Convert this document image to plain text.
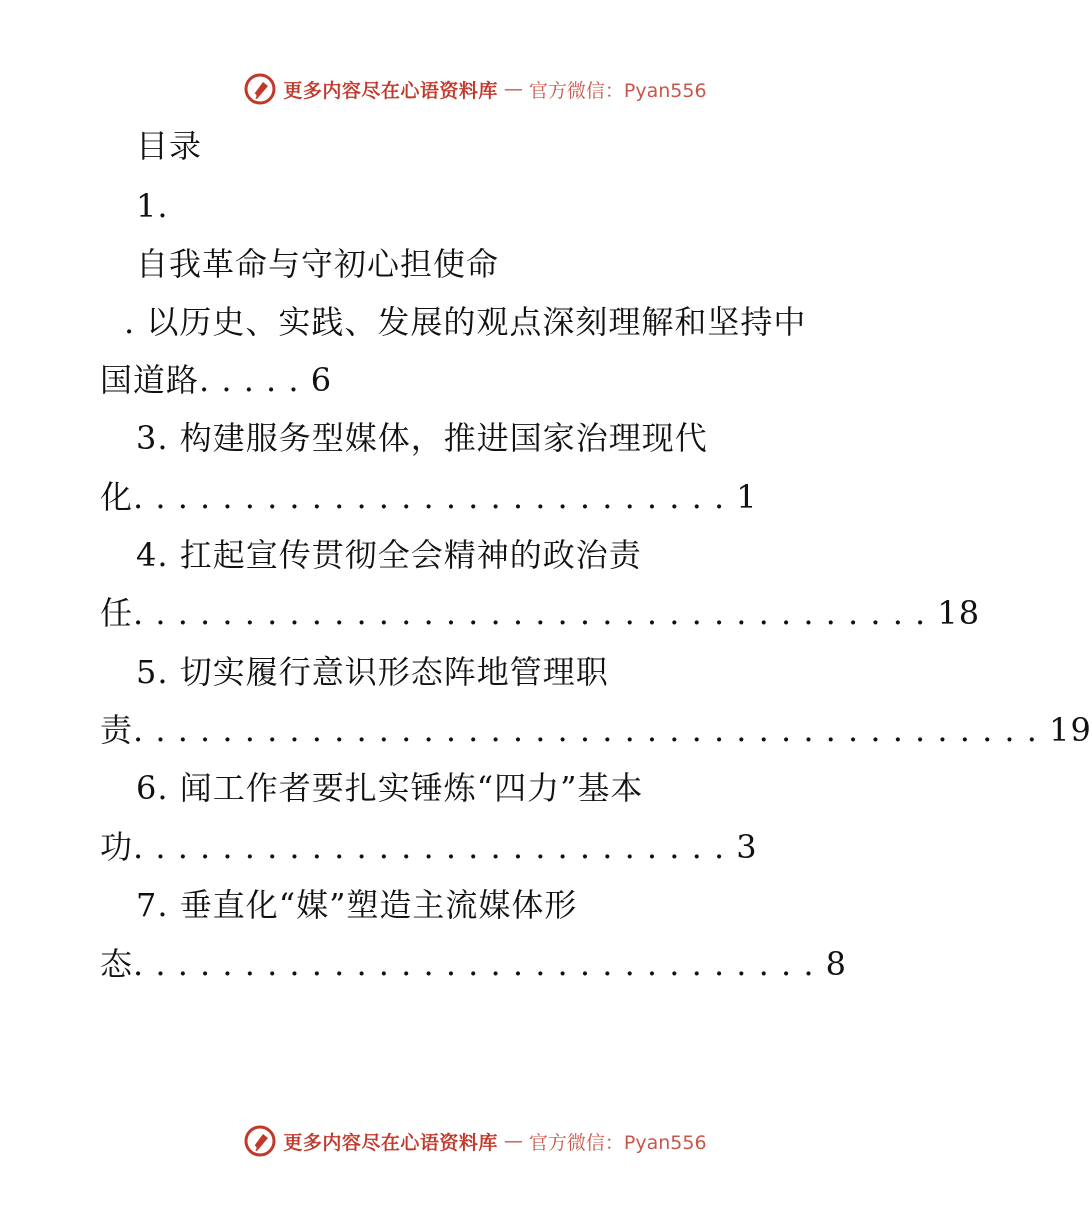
更多内容尽在心语资料库 — 官方微信：Pyan556
目录
1.
自我革命与守初心担使命
. 以历史、实践、发展的观点深刻理解和坚持中
国道路. . . . . 6
3. 构建服务型媒体，推进国家治理现代
化. . . . . . . . . . . . . . . . . . . . . . . . . . . 1
4. 扛起宣传贯彻全会精神的政治责
任. . . . . . . . . . . . . . . . . . . . . . . . . . . . . . . . . . . . 18
5. 切实履行意识形态阵地管理职
责. . . . . . . . . . . . . . . . . . . . . . . . . . . . . . . . . . . . . . . . . 19
6. 闻工作者要扎实锤炼“四力”基本
功. . . . . . . . . . . . . . . . . . . . . . . . . . . 3
7. 垂直化“媒”塑造主流媒体形
态. . . . . . . . . . . . . . . . . . . . . . . . . . . . . . . 8
更多内容尽在心语资料库 — 官方微信：Pyan556
